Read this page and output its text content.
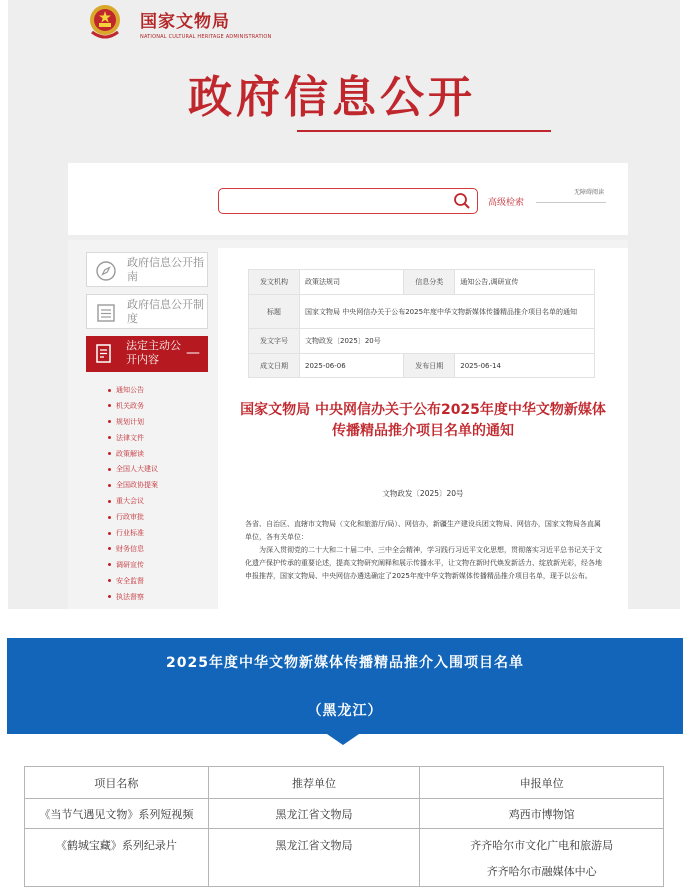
国家文物局
NATIONAL CULTURAL HERITAGE ADMINISTRATION
政府信息公开
高级检索
无障碍阅读
政府信息公开指南
政府信息公开制度
法定主动公开内容	—
通知公告
机关政务
规划计划
法律文件
政策解读
全国人大建议
全国政协提案
重大会议
行政审批
行业标准
财务信息
调研宣传
安全监督
执法督察
发文机构	政策法规司	信息分类	通知公告,调研宣传
标题	国家文物局 中央网信办关于公布2025年度中华文物新媒体传播精品推介项目名单的通知		
发文字号	文物政发〔2025〕20号		
成文日期	2025-06-06	发布日期	2025-06-14
国家文物局 中央网信办关于公布2025年度中华文物新媒体传播精品推介项目名单的通知
文物政发〔2025〕20号

各省、自治区、直辖市文物局（文化和旅游厅/局）、网信办，新疆生产建设兵团文物局、网信办，国家文物局各直属单位，各有关单位：

为深入贯彻党的二十大和二十届二中、三中全会精神，学习践行习近平文化思想，贯彻落实习近平总书记关于文化遗产保护传承的重要论述，提高文物研究阐释和展示传播水平，让文物在新时代焕发新活力、绽放新光彩，经各地申报推荐，国家文物局、中央网信办遴选确定了2025年度中华文物新媒体传播精品推介项目名单，现予以公布。

2025年度中华文物新媒体传播精品推介入围项目名单
（黑龙江）
项目名称	推荐单位	申报单位
《当节气遇见文物》系列短视频	黑龙江省文物局	鸡西市博物馆
《鹤城宝藏》系列纪录片	黑龙江省文物局	齐齐哈尔市文化广电和旅游局
齐齐哈尔市融媒体中心
